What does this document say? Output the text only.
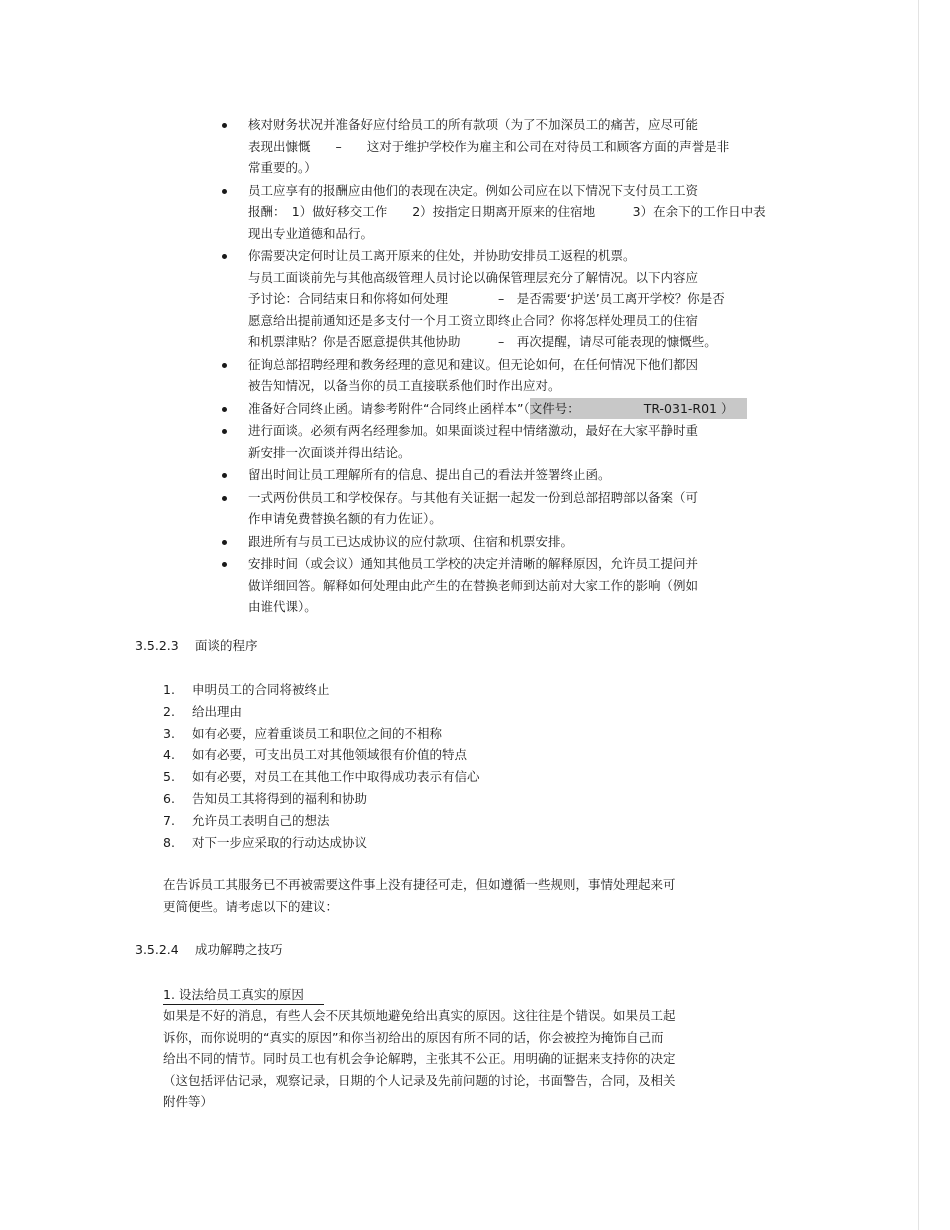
核对财务状况并准备好应付给员工的所有款项（为了不加深员工的痛苦，应尽可能
表现出慷慨　　–　　这对于维护学校作为雇主和公司在对待员工和顾客方面的声誉是非
常重要的。）
员工应享有的报酬应由他们的表现在决定。例如公司应在以下情况下支付员工工资
报酬：　1）做好移交工作　　2）按指定日期离开原来的住宿地　　　3）在余下的工作日中表
现出专业道德和品行。
你需要决定何时让员工离开原来的住处，并协助安排员工返程的机票。
与员工面谈前先与其他高级管理人员讨论以确保管理层充分了解情况。以下内容应
予讨论：合同结束日和你将如何处理　　　　–　是否需要‘护送’员工离开学校？你是否
愿意给出提前通知还是多支付一个月工资立即终止合同？你将怎样处理员工的住宿
和机票津贴？你是否愿意提供其他协助　　　–　再次提醒，请尽可能表现的慷慨些。
征询总部招聘经理和教务经理的意见和建议。但无论如何，在任何情况下他们都因
被告知情况，以备当你的员工直接联系他们时作出应对。
准备好合同终止函。请参考附件“合同终止函样本”（文件号：	TR-031-R01 ）
进行面谈。必须有两名经理参加。如果面谈过程中情绪激动，最好在大家平静时重
新安排一次面谈并得出结论。
留出时间让员工理解所有的信息、提出自己的看法并签署终止函。
一式两份供员工和学校保存。与其他有关证据一起发一份到总部招聘部以备案（可
作申请免费替换名额的有力佐证）。
跟进所有与员工已达成协议的应付款项、住宿和机票安排。
安排时间（或会议）通知其他员工学校的决定并清晰的解释原因，允许员工提问并
做详细回答。解释如何处理由此产生的在替换老师到达前对大家工作的影响（例如
由谁代课）。
3.5.2.3 面谈的程序
1. 申明员工的合同将被终止
2. 给出理由
3. 如有必要，应着重谈员工和职位之间的不相称
4. 如有必要，可支出员工对其他领域很有价值的特点
5. 如有必要，对员工在其他工作中取得成功表示有信心
6. 告知员工其将得到的福利和协助
7. 允许员工表明自己的想法
8. 对下一步应采取的行动达成协议
在告诉员工其服务已不再被需要这件事上没有捷径可走，但如遵循一些规则，事情处理起来可
更简便些。请考虑以下的建议：
3.5.2.4 成功解聘之技巧
1. 设法给员工真实的原因
如果是不好的消息，有些人会不厌其烦地避免给出真实的原因。这往往是个错误。如果员工起
诉你，而你说明的“真实的原因”和你当初给出的原因有所不同的话，你会被控为掩饰自己而
给出不同的情节。同时员工也有机会争论解聘，主张其不公正。用明确的证据来支持你的决定
（这包括评估记录，观察记录，日期的个人记录及先前问题的讨论，书面警告，合同，及相关
附件等）
